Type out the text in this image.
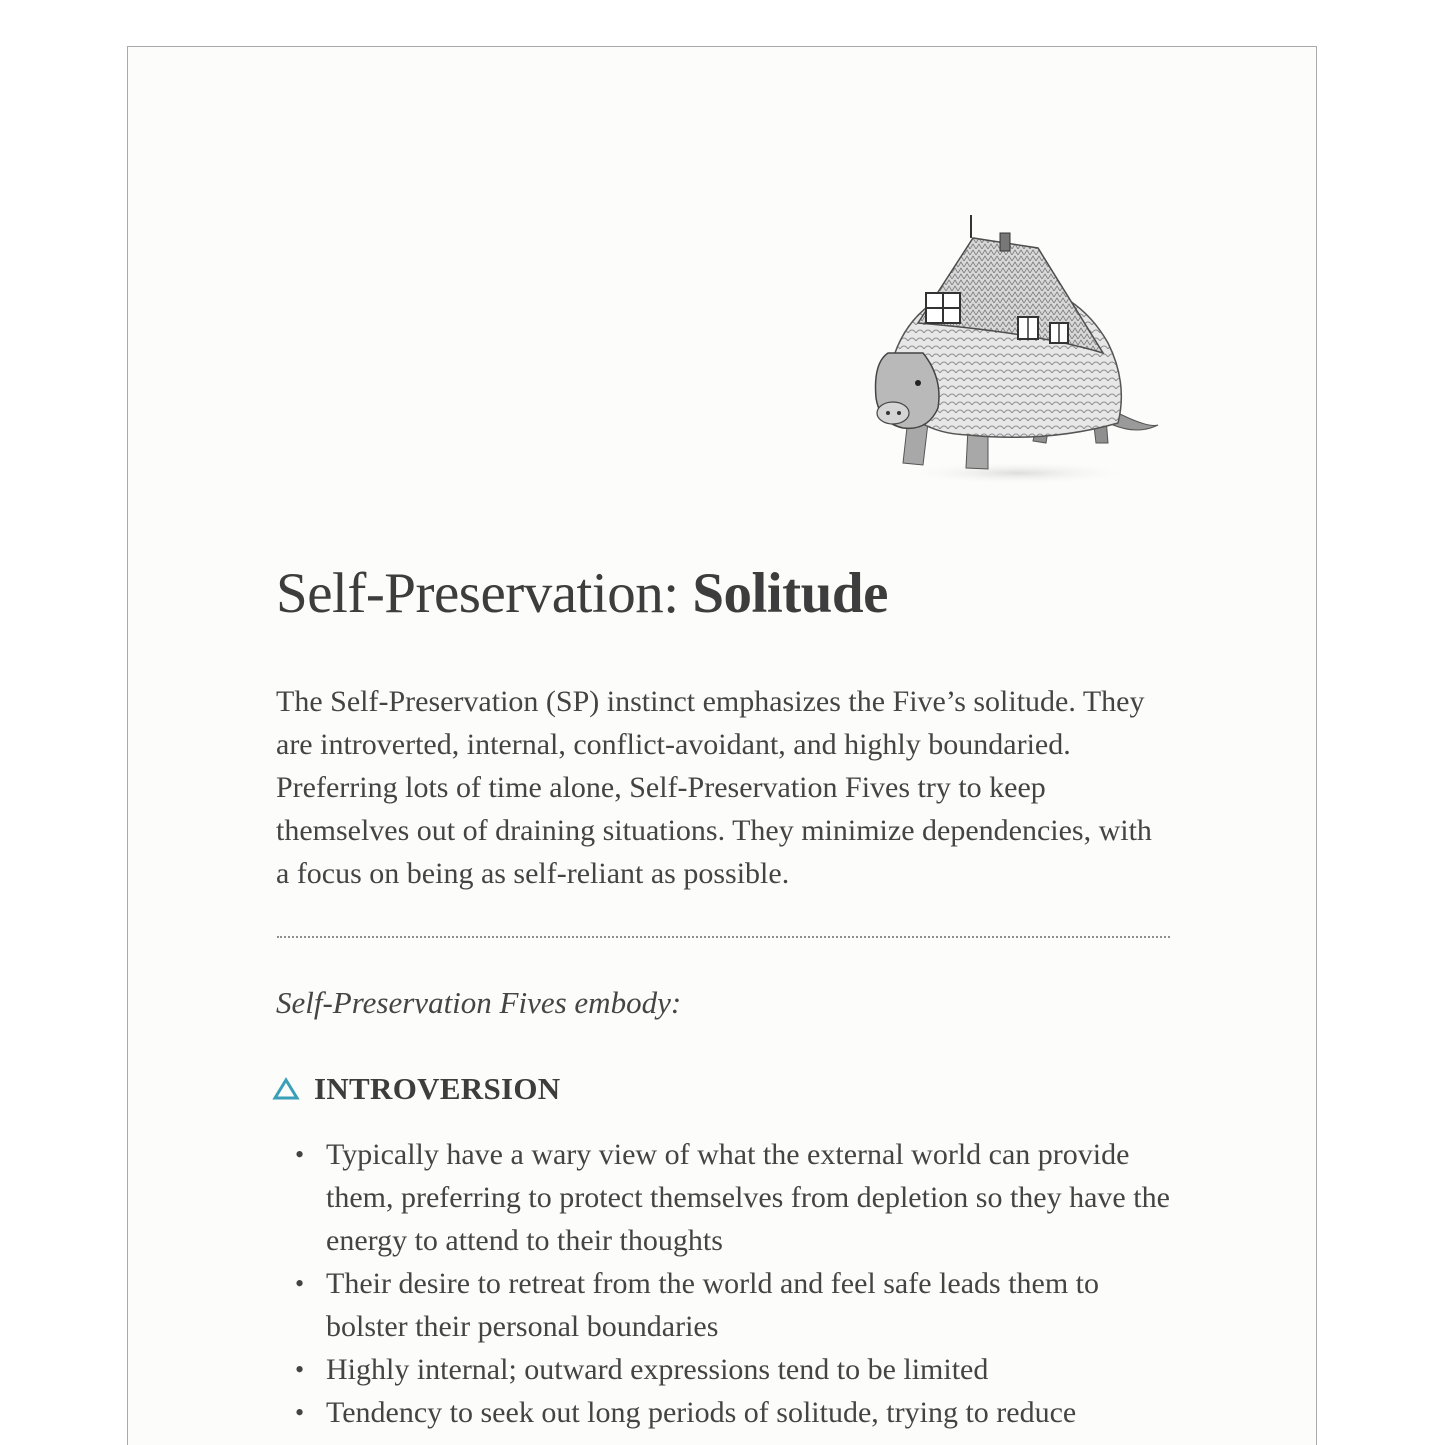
Self-Preservation: Solitude

The Self-Preservation (SP) instinct emphasizes the Five’s solitude. They are introverted, internal, conflict-avoidant, and highly boundaried. Preferring lots of time alone, Self-Preservation Fives try to keep themselves out of draining situations. They minimize dependencies, with a focus on being as self-reliant as possible.

Self-Preservation Fives embody:
INTROVERSION
• Typically have a wary view of what the external world can provide them, preferring to protect themselves from depletion so they have the energy to attend to their thoughts
• Their desire to retreat from the world and feel safe leads them to bolster their personal boundaries
• Highly internal; outward expressions tend to be limited
• Tendency to seek out long periods of solitude, trying to reduce
